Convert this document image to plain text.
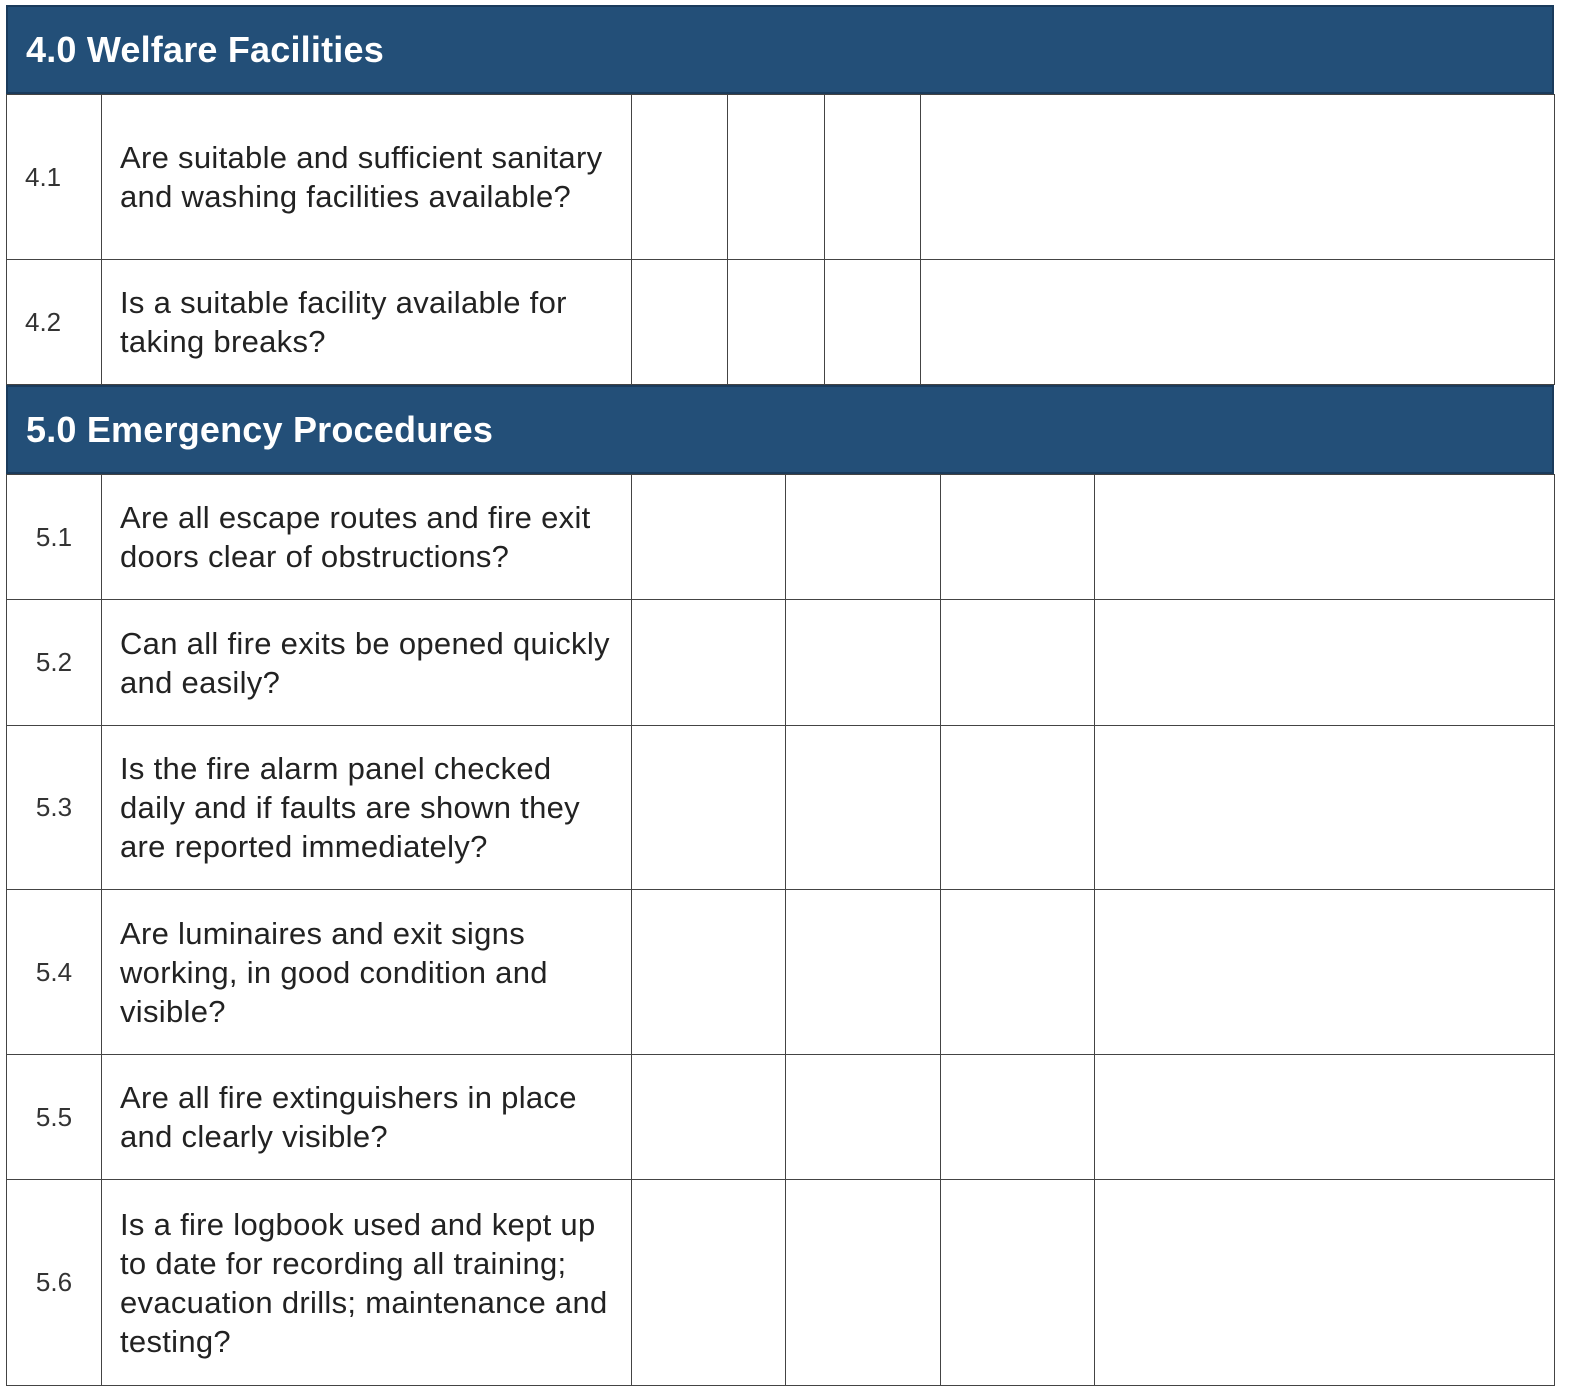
4.0 Welfare Facilities
4.1	Are suitable and sufficient sanitary and washing facilities available?				
4.2	Is a suitable facility available for taking breaks?				
5.0 Emergency Procedures
5.1	Are all escape routes and fire exit doors clear of obstructions?				
5.2	Can all fire exits be opened quickly and easily?				
5.3	Is the fire alarm panel checked daily and if faults are shown they are reported immediately?				
5.4	Are luminaires and exit signs working, in good condition and visible?				
5.5	Are all fire extinguishers in place and clearly visible?				
5.6	Is a fire logbook used and kept up to date for recording all training; evacuation drills; maintenance and testing?				
